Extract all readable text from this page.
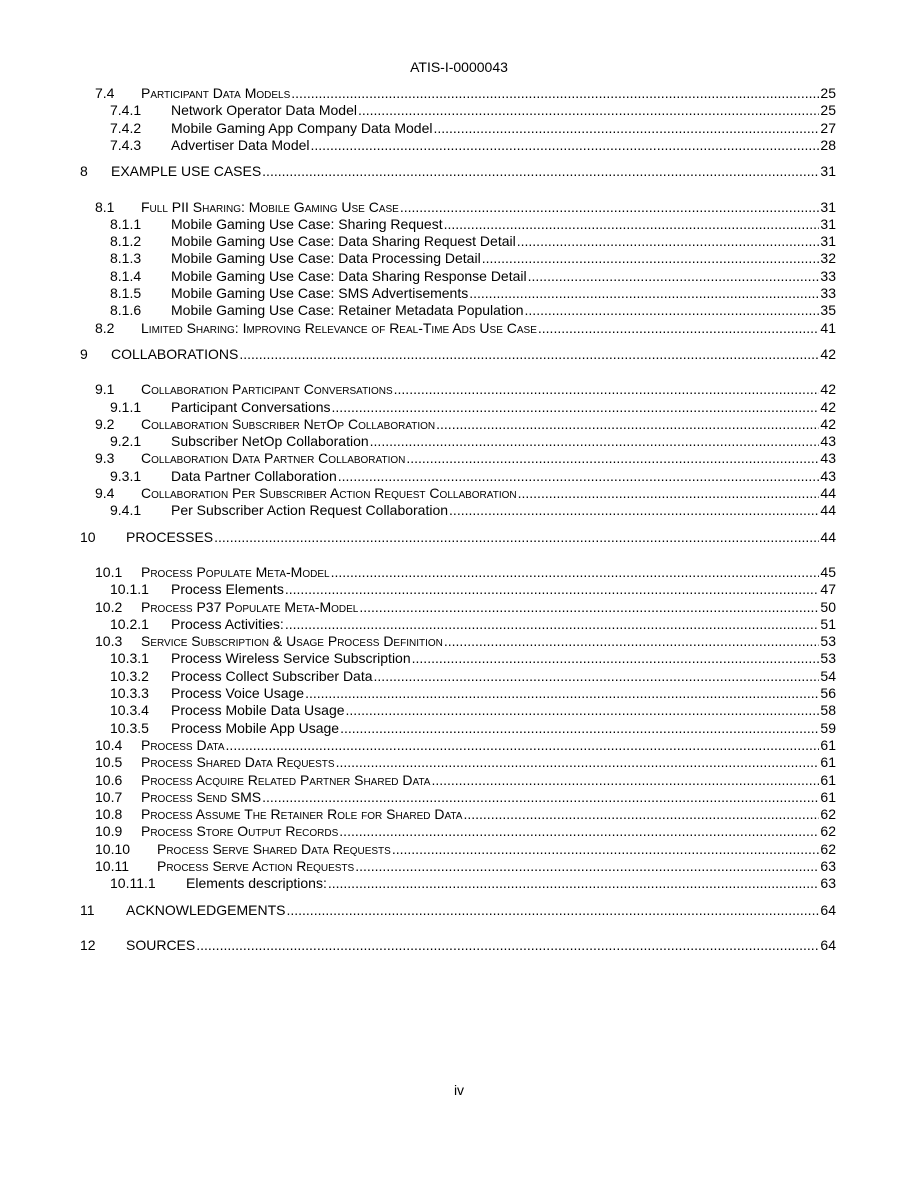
ATIS-I-0000043
7.4 Participant Data Models .....	25
7.4.1 Network Operator Data Model .....	25
7.4.2 Mobile Gaming App Company Data Model .....	27
7.4.3 Advertiser Data Model .....	28
8 EXAMPLE USE CASES .....	31
8.1 Full PII Sharing: Mobile Gaming Use Case .....	31
8.1.1 Mobile Gaming Use Case: Sharing Request .....	31
8.1.2 Mobile Gaming Use Case: Data Sharing Request Detail .....	31
8.1.3 Mobile Gaming Use Case: Data Processing Detail .....	32
8.1.4 Mobile Gaming Use Case: Data Sharing Response Detail .....	33
8.1.5 Mobile Gaming Use Case: SMS Advertisements .....	33
8.1.6 Mobile Gaming Use Case: Retainer Metadata Population .....	35
8.2 Limited Sharing: Improving Relevance of Real-Time Ads Use Case .....	41
9 COLLABORATIONS .....	42
9.1 Collaboration Participant Conversations .....	42
9.1.1 Participant Conversations .....	42
9.2 Collaboration Subscriber NetOp Collaboration .....	42
9.2.1 Subscriber NetOp Collaboration .....	43
9.3 Collaboration Data Partner Collaboration .....	43
9.3.1 Data Partner Collaboration .....	43
9.4 Collaboration Per Subscriber Action Request Collaboration .....	44
9.4.1 Per Subscriber Action Request Collaboration .....	44
10 PROCESSES .....	44
10.1 Process Populate Meta-Model .....	45
10.1.1 Process Elements .....	47
10.2 Process P37 Populate Meta-Model .....	50
10.2.1 Process Activities: .....	51
10.3 Service Subscription & Usage Process Definition .....	53
10.3.1 Process Wireless Service Subscription .....	53
10.3.2 Process Collect Subscriber Data .....	54
10.3.3 Process Voice Usage .....	56
10.3.4 Process Mobile Data Usage .....	58
10.3.5 Process Mobile App Usage .....	59
10.4 Process Data .....	61
10.5 Process Shared Data Requests .....	61
10.6 Process Acquire Related Partner Shared Data .....	61
10.7 Process Send SMS .....	61
10.8 Process Assume The Retainer Role for Shared Data .....	62
10.9 Process Store Output Records .....	62
10.10 Process Serve Shared Data Requests .....	62
10.11 Process Serve Action Requests .....	63
10.11.1 Elements descriptions: .....	63
11 ACKNOWLEDGEMENTS .....	64
12 SOURCES .....	64
iv
